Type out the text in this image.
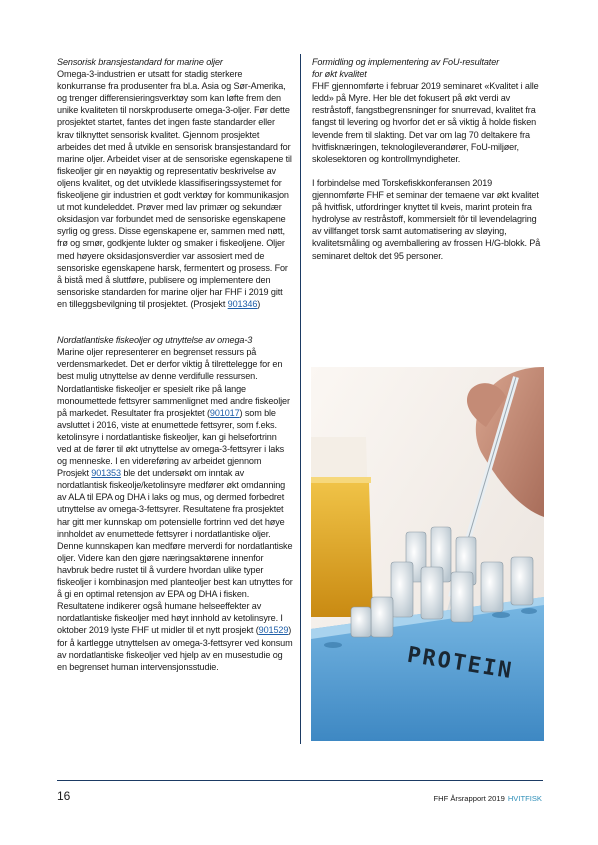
Sensorisk bransjestandard for marine oljer

Omega-3-industrien er utsatt for stadig sterkere konkurranse fra produsenter fra bl.a. Asia og Sør-Amerika, og trenger differensieringsverktøy som kan løfte frem den unike kvaliteten til norskproduserte omega-3-oljer. Før dette prosjektet startet, fantes det ingen faste standarder eller krav tilknyttet sensorisk kvalitet. Gjennom prosjektet arbeides det med å utvikle en sensorisk bransjestandard for marine oljer. Arbeidet viser at de sensoriske egenskapene til fiskeoljer gir en nøyaktig og representativ beskrivelse av oljens kvalitet, og det utviklede klassifiseringssystemet for fiskeoljene gir industrien et godt verktøy for kommunikasjon ut mot kundeleddet. Prøver med lav primær og sekundær oksidasjon var forbundet med de sensoriske egenskapene syrlig og gress. Disse egenskapene er, sammen med nøtt, frø og smør, godkjente lukter og smaker i fiskeoljene. Oljer med høyere oksidasjonsverdier var assosiert med de sensoriske egenskapene harsk, fermentert og prosess. For å bistå med å sluttføre, publisere og implementere den sensoriske standarden for marine oljer har FHF i 2019 gitt en tilleggsbevilgning til prosjektet. (Prosjekt 901346)

Nordatlantiske fiskeoljer og utnyttelse av omega-3

Marine oljer representerer en begrenset ressurs på verdensmarkedet. Det er derfor viktig å tilrettelegge for en best mulig utnyttelse av denne verdifulle ressursen. Nordatlantiske fiskeoljer er spesielt rike på lange monoumettede fettsyrer sammenlignet med andre fiskeoljer på markedet. Resultater fra prosjektet (901017) som ble avsluttet i 2016, viste at enumettede fettsyrer, som f.eks. ketolinsyre i nordatlantiske fiskeoljer, kan gi helsefortrinn ved at de fører til økt utnyttelse av omega-3-fettsyrer i laks og menneske. I en videreføring av arbeidet gjennom Prosjekt 901353 ble det undersøkt om inntak av nordatlantisk fiskeolje/ketolinsyre medfører økt omdanning av ALA til EPA og DHA i laks og mus, og dermed forbedret utnyttelse av omega-3-fettsyrer. Resultatene fra prosjektet har gitt mer kunnskap om potensielle fortrinn ved det høye innholdet av enumettede fettsyrer i nordatlantiske oljer. Denne kunnskapen kan medføre merverdi for nordatlantiske oljer. Videre kan den gjøre næringsaktørene innenfor havbruk bedre rustet til å vurdere hvordan ulike typer fiskeoljer i kombinasjon med planteoljer best kan utnyttes for å gi en optimal retensjon av EPA og DHA i fisken. Resultatene indikerer også humane helseeffekter av nordatlantiske fiskeoljer med høyt innhold av ketolinsyre. I oktober 2019 lyste FHF ut midler til et nytt prosjekt (901529) for å kartlegge utnyttelsen av omega-3-fettsyrer ved konsum av nordatlantiske fiskeoljer ved hjelp av en musestudie og en begrenset human intervensjonsstudie.

Formidling og implementering av FoU-resultater
for økt kvalitet

FHF gjennomførte i februar 2019 seminaret «Kvalitet i alle ledd» på Myre. Her ble det fokusert på økt verdi av restråstoff, fangstbegrensninger for snurrevad, kvalitet fra fangst til levering og hvorfor det er så viktig å holde fisken levende frem til slakting. Det var om lag 70 deltakere fra hvitfisknæringen, teknologileverandører, FoU-miljøer, skolesektoren og kontrollmyndigheter.

I forbindelse med Torskefiskkonferansen 2019 gjennomførte FHF et seminar der temaene var økt kvalitet på hvitfisk, utfordringer knyttet til kveis, marint protein fra hydrolyse av restråstoff, kommersielt fôr til levendelagring av villfanget torsk samt automatisering av sløying, kvalitetsmåling og avemballering av frossen H/G-blokk. På seminaret deltok det 95 personer.

PROTEIN
16	FHF Årsrapport 2019 HVITFISK
